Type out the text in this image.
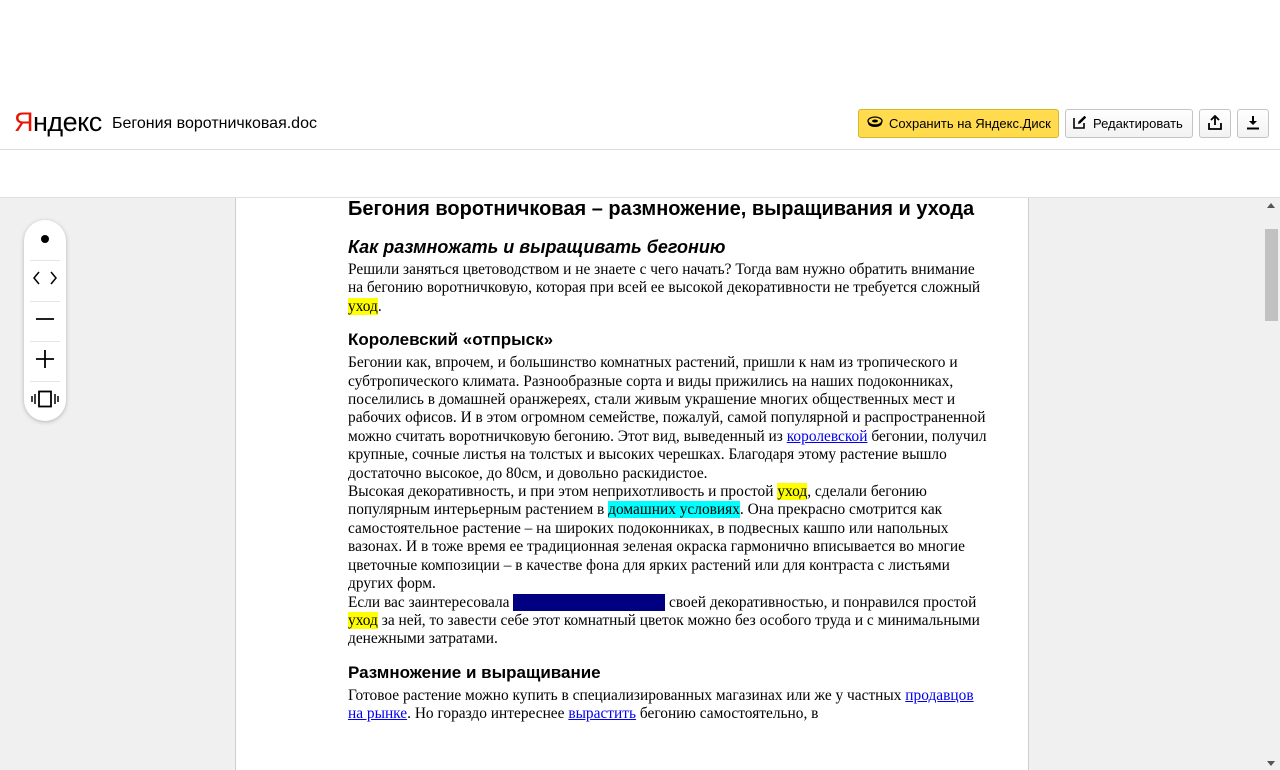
Яндекс Бегония воротничковая.doc	Сохранить на Яндекс.Диск	Редактировать
Бегония воротничковая – размножение, выращивания и ухода
Как размножать и выращивать бегонию

Решили заняться цветоводством и не знаете с чего начать? Тогда вам нужно обратить внимание на бегонию воротничковую, которая при всей ее высокой декоративности не требуется сложный уход.

Королевский «отпрыск»

Бегонии как, впрочем, и большинство комнатных растений, пришли к нам из тропического и субтропического климата. Разнообразные сорта и виды прижились на наших подоконниках, поселились в домашней оранжереях, стали живым украшение многих общественных мест и рабочих офисов. И в этом огромном семействе, пожалуй, самой популярной и распространенной можно считать воротничковую бегонию. Этот вид, выведенный из королевской бегонии, получил крупные, сочные листья на толстых и высоких черешках. Благодаря этому растение вышло достаточно высокое, до 80см, и довольно раскидистое.

Высокая декоративность, и при этом неприхотливость и простой уход, сделали бегонию популярным интерьерным растением в домашних условиях. Она прекрасно смотрится как самостоятельное растение – на широких подоконниках, в подвесных кашпо или напольных вазонах. И в тоже время ее традиционная зеленая окраска гармонично вписывается во многие цветочные композиции – в качестве фона для ярких растений или для контраста с листьями других форм.

Если вас заинтересовала бегония воротничковая своей декоративностью, и понравился простой уход за ней, то завести себе этот комнатный цветок можно без особого труда и с минимальными денежными затратами.

Размножение и выращивание

Готовое растение можно купить в специализированных магазинах или же у частных продавцов на рынке. Но гораздо интереснее вырастить бегонию самостоятельно, в
